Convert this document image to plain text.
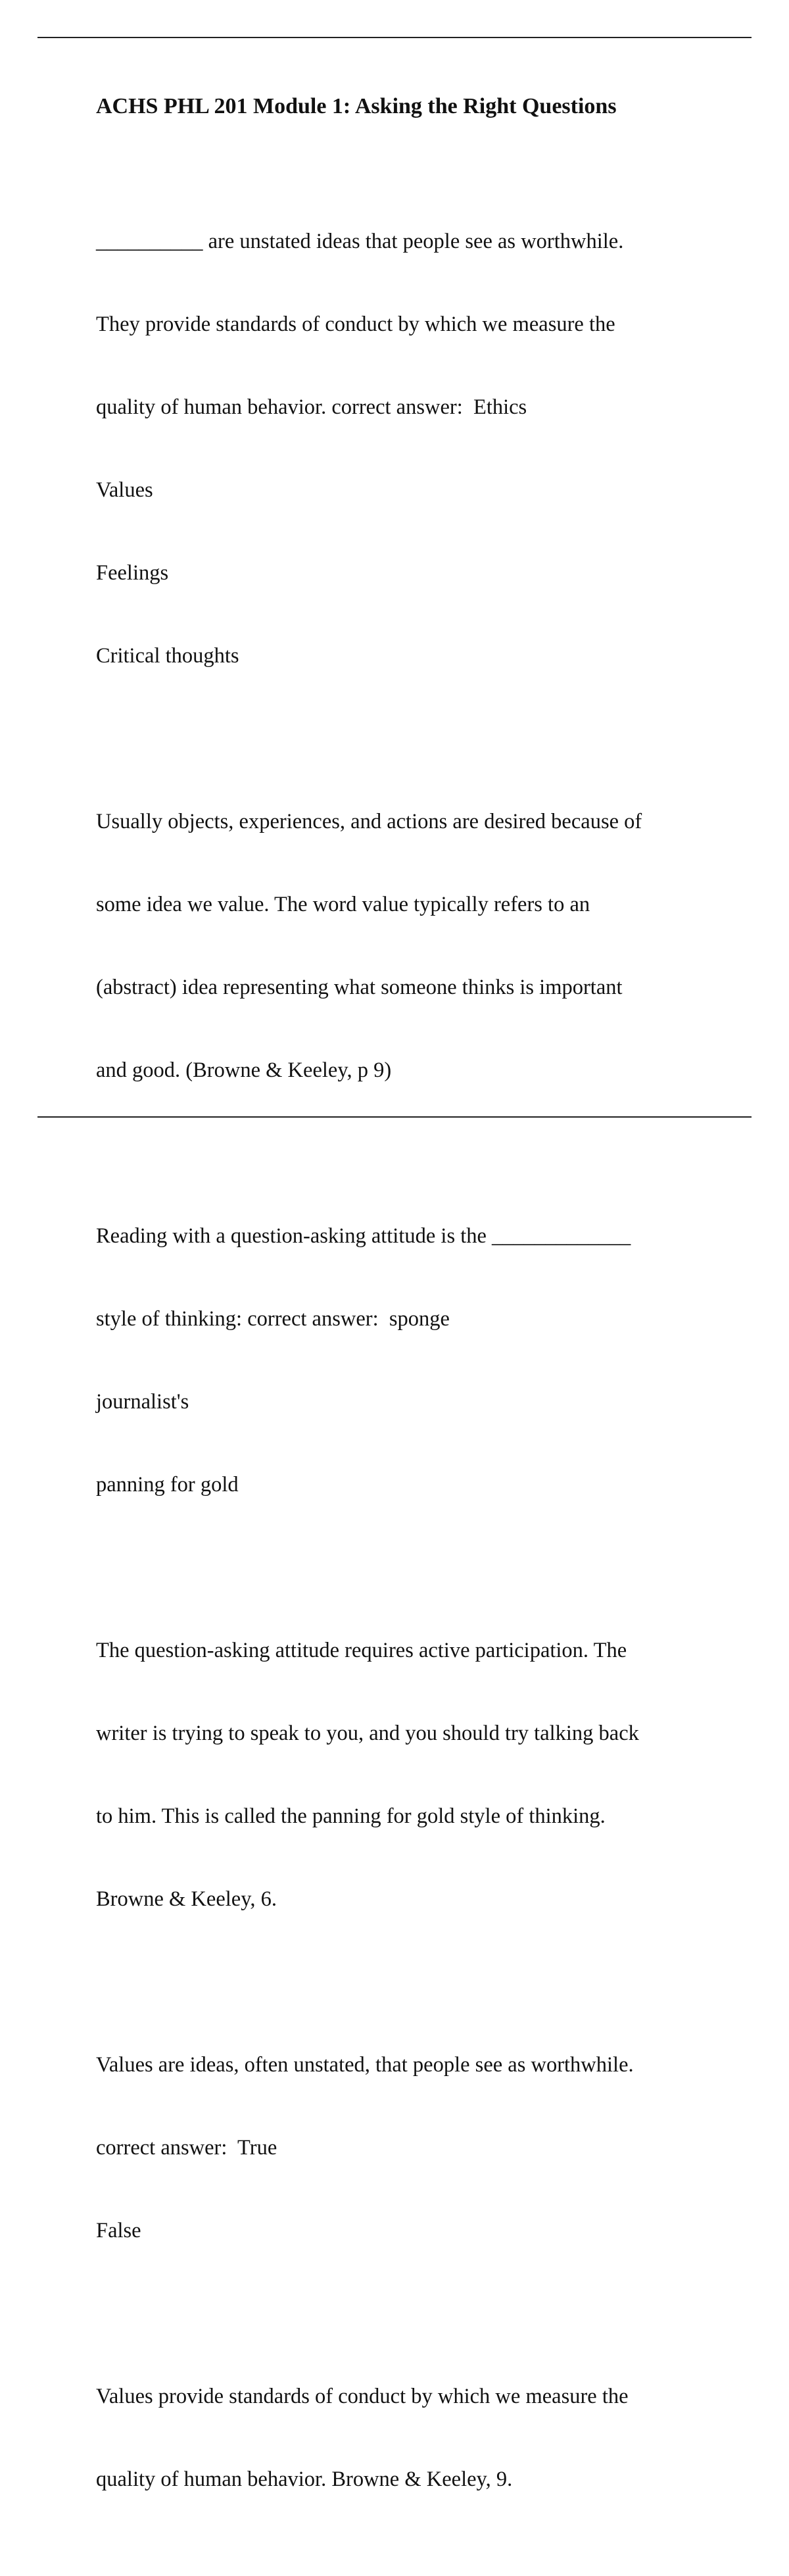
ACHS PHL 201 Module 1: Asking the Right Questions

__________ are unstated ideas that people see as worthwhile.

They provide standards of conduct by which we measure the

quality of human behavior. correct answer:  Ethics

Values

Feelings

Critical thoughts

Usually objects, experiences, and actions are desired because of

some idea we value. The word value typically refers to an

(abstract) idea representing what someone thinks is important

and good. (Browne & Keeley, p 9)

Reading with a question-asking attitude is the _____________

style of thinking: correct answer:  sponge

journalist's

panning for gold

The question-asking attitude requires active participation. The

writer is trying to speak to you, and you should try talking back

to him. This is called the panning for gold style of thinking.

Browne & Keeley, 6.

Values are ideas, often unstated, that people see as worthwhile.

correct answer:  True

False

Values provide standards of conduct by which we measure the

quality of human behavior. Browne & Keeley, 9.
